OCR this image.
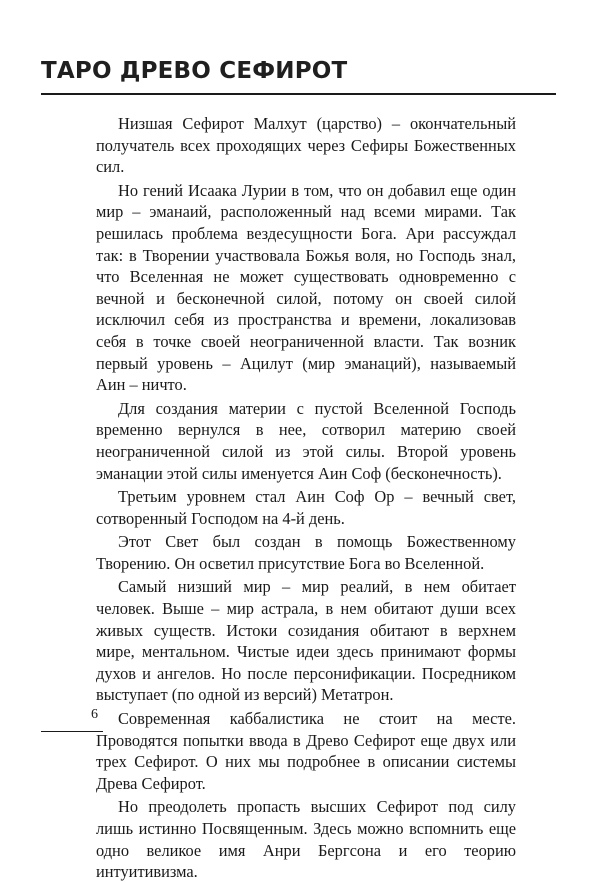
ТАРО ДРЕВО СЕФИРОТ

Низшая Сефирот Малхут (царство) – окончательный получатель всех проходящих через Сефиры Божественных сил.

Но гений Исаака Лурии в том, что он добавил еще один мир – эманаий, расположенный над всеми мирами. Так решилась проблема вездесущности Бога. Ари рассуждал так: в Творении участвовала Божья воля, но Господь знал, что Вселенная не может существовать одновременно с вечной и бесконечной силой, потому он своей силой исключил себя из пространства и времени, локализовав себя в точке своей неограниченной власти. Так возник первый уровень – Ацилут (мир эманаций), называемый Аин – ничто.

Для создания материи с пустой Вселенной Господь временно вернулся в нее, сотворил материю своей неограниченной силой из этой силы. Второй уровень эманации этой силы именуется Аин Соф (бесконечность).

Третьим уровнем стал Аин Соф Ор – вечный свет, сотворенный Господом на 4-й день.

Этот Свет был создан в помощь Божественному Творению. Он осветил присутствие Бога во Вселенной.

Самый низший мир – мир реалий, в нем обитает человек. Выше – мир астрала, в нем обитают души всех живых существ. Истоки созидания обитают в верхнем мире, ментальном. Чистые идеи здесь принимают формы духов и ангелов. Но после персонификации. Посредником выступает (по одной из версий) Метатрон.

Современная каббалистика не стоит на месте. Проводятся попытки ввода в Древо Сефирот еще двух или трех Сефирот. О них мы подробнее в описании системы Древа Сефирот.

Но преодолеть пропасть высших Сефирот под силу лишь истинно Посвященным. Здесь можно вспомнить еще одно великое имя Анри Бергсона и его теорию интуитивизма.

6
